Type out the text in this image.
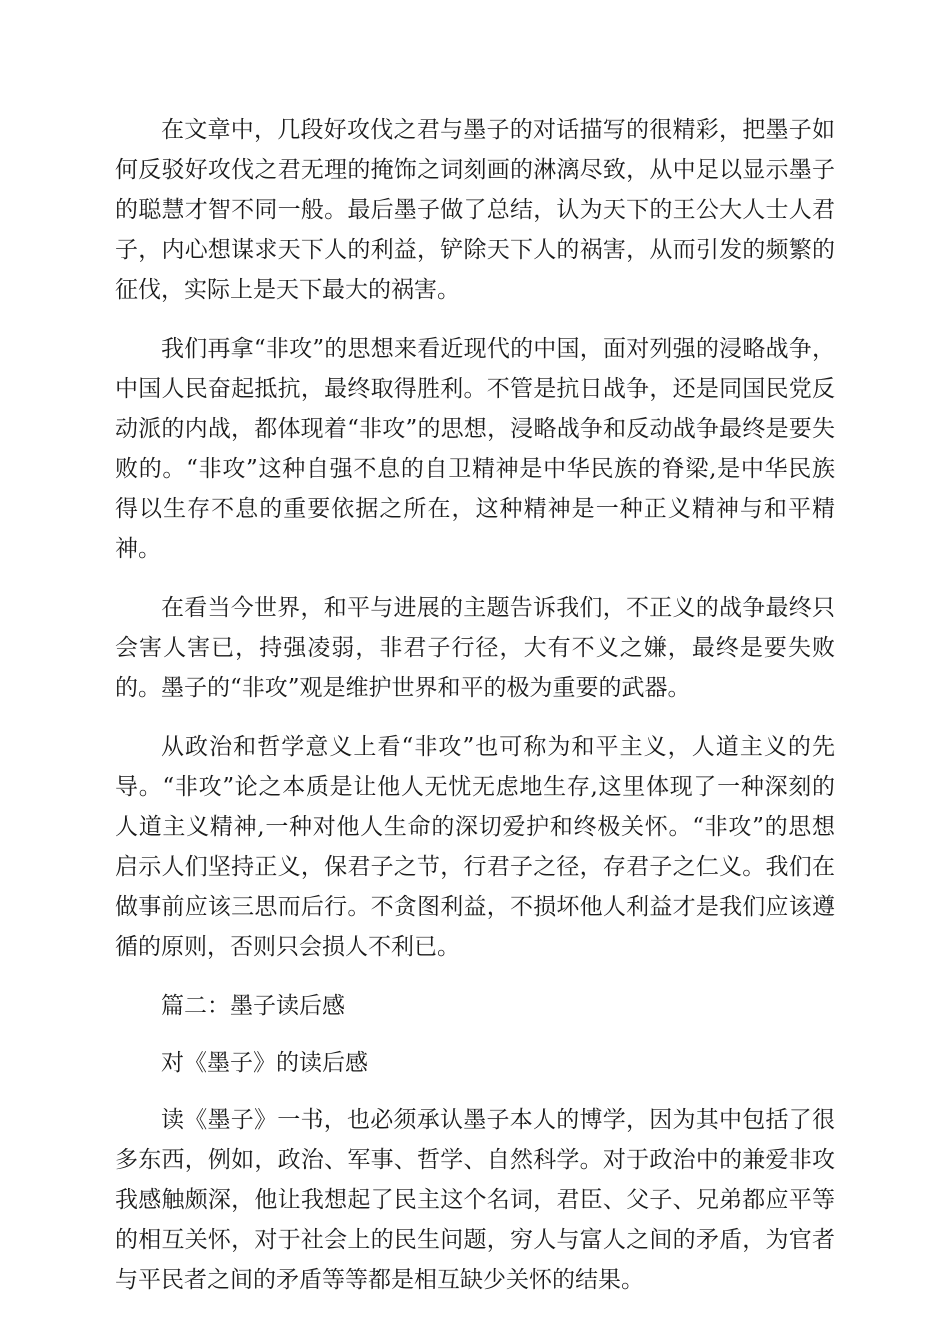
在文章中，几段好攻伐之君与墨子的对话描写的很精彩，把墨子如何反驳好攻伐之君无理的掩饰之词刻画的淋漓尽致，从中足以显示墨子的聪慧才智不同一般。最后墨子做了总结，认为天下的王公大人士人君子，内心想谋求天下人的利益，铲除天下人的祸害，从而引发的频繁的征伐，实际上是天下最大的祸害。

我们再拿“非攻”的思想来看近现代的中国，面对列强的浸略战争，中国人民奋起抵抗，最终取得胜利。不管是抗日战争，还是同国民党反动派的内战，都体现着“非攻”的思想，浸略战争和反动战争最终是要失败的。“非攻”这种自强不息的自卫精神是中华民族的脊梁,是中华民族得以生存不息的重要依据之所在，这种精神是一种正义精神与和平精神。

在看当今世界，和平与进展的主题告诉我们，不正义的战争最终只会害人害已，持强凌弱，非君子行径，大有不义之嫌，最终是要失败的。墨子的“非攻”观是维护世界和平的极为重要的武器。

从政治和哲学意义上看“非攻”也可称为和平主义，人道主义的先导。“非攻”论之本质是让他人无忧无虑地生存,这里体现了一种深刻的人道主义精神,一种对他人生命的深切爱护和终极关怀。“非攻”的思想启示人们坚持正义，保君子之节，行君子之径，存君子之仁义。我们在做事前应该三思而后行。不贪图利益，不损坏他人利益才是我们应该遵循的原则，否则只会损人不利已。

篇二：墨子读后感

对《墨子》的读后感

读《墨子》一书，也必须承认墨子本人的博学，因为其中包括了很多东西，例如，政治、军事、哲学、自然科学。对于政治中的兼爱非攻我感触颇深，他让我想起了民主这个名词，君臣、父子、兄弟都应平等的相互关怀，对于社会上的民生问题，穷人与富人之间的矛盾，为官者与平民者之间的矛盾等等都是相互缺少关怀的结果。
